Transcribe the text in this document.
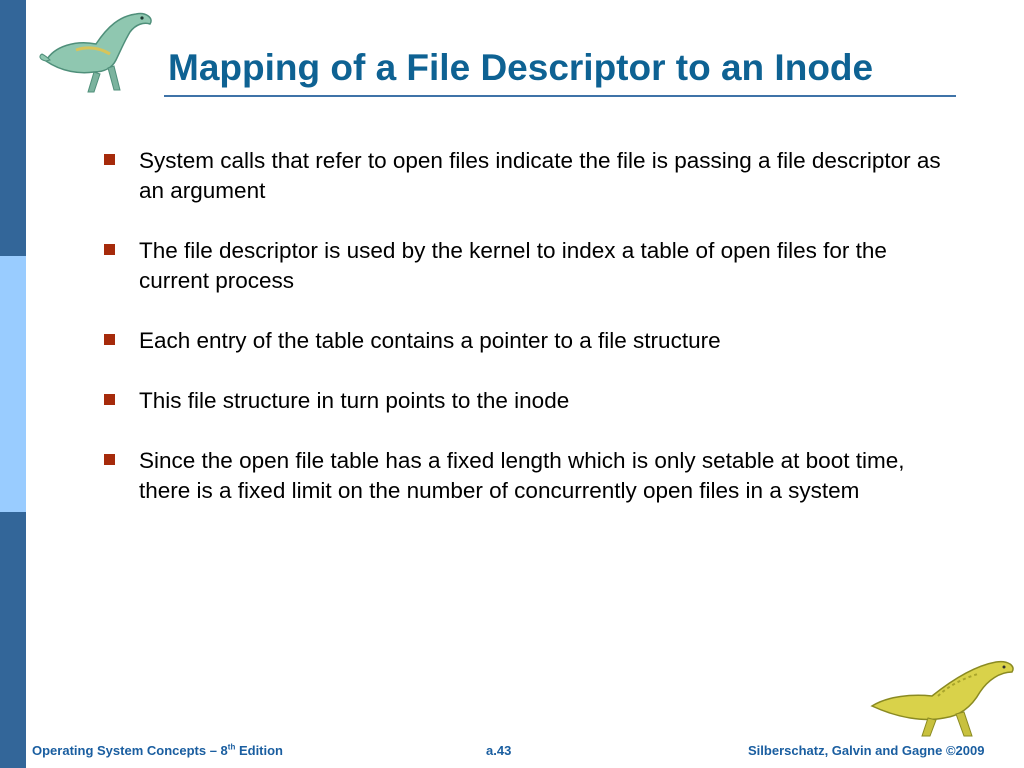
Mapping of a File Descriptor to an Inode
System calls that refer to open files indicate the file is passing a file descriptor as an argument
The file descriptor is used by the kernel to index a table of open files for the current process
Each entry of the table contains a pointer to a file structure
This file structure in turn points to the inode
Since the open file table has a fixed length which is only setable at boot time, there is a fixed limit on the number of concurrently open files in a system
Operating System Concepts – 8th Edition	a.43	Silberschatz, Galvin and Gagne ©2009
